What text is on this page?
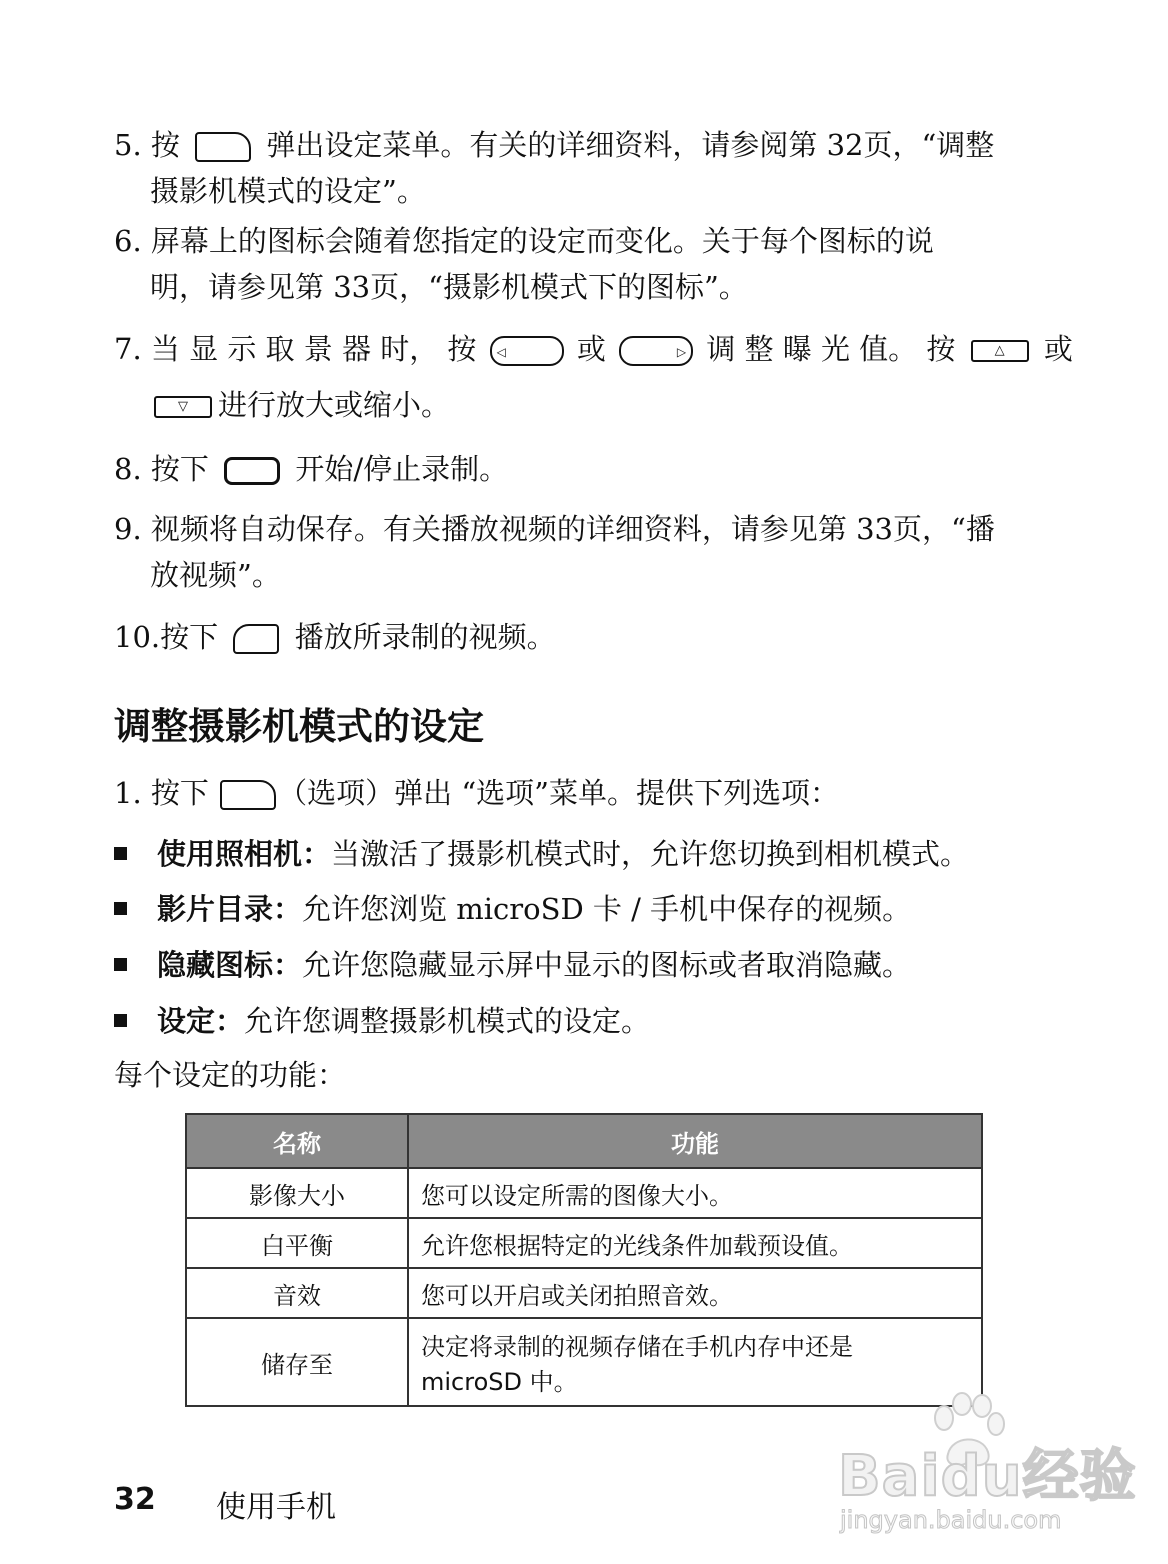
5. 按	弹出设定菜单。有关的详细资料，请参阅第 32页，“调整
摄影机模式的设定”。
6. 屏幕上的图标会随着您指定的设定而变化。关于每个图标的说
明，请参见第 33页，“摄影机模式下的图标”。
7. 当 显 示 取 景 器 时， 按 ◁ 或	▷ 调 整 曝 光 值。 按	△ 或
▽ 进行放大或缩小。
8. 按下	开始/停止录制。
9. 视频将自动保存。有关播放视频的详细资料，请参见第 33页，“播
放视频”。
10.按下	播放所录制的视频。
调整摄影机模式的设定
1. 按下 （选项）弹出 “选项”菜单。提供下列选项：
使用照相机：当激活了摄影机模式时，允许您切换到相机模式。
影片目录：允许您浏览 microSD 卡 / 手机中保存的视频。
隐藏图标：允许您隐藏显示屏中显示的图标或者取消隐藏。
设定：允许您调整摄影机模式的设定。
每个设定的功能：
名称	功能
影像大小	您可以设定所需的图像大小。
白平衡	允许您根据特定的光线条件加载预设值。
音效	您可以开启或关闭拍照音效。
储存至	决定将录制的视频存储在手机内存中还是
microSD 中。
32 使用手机	Baidu经验
jingyan.baidu.com
